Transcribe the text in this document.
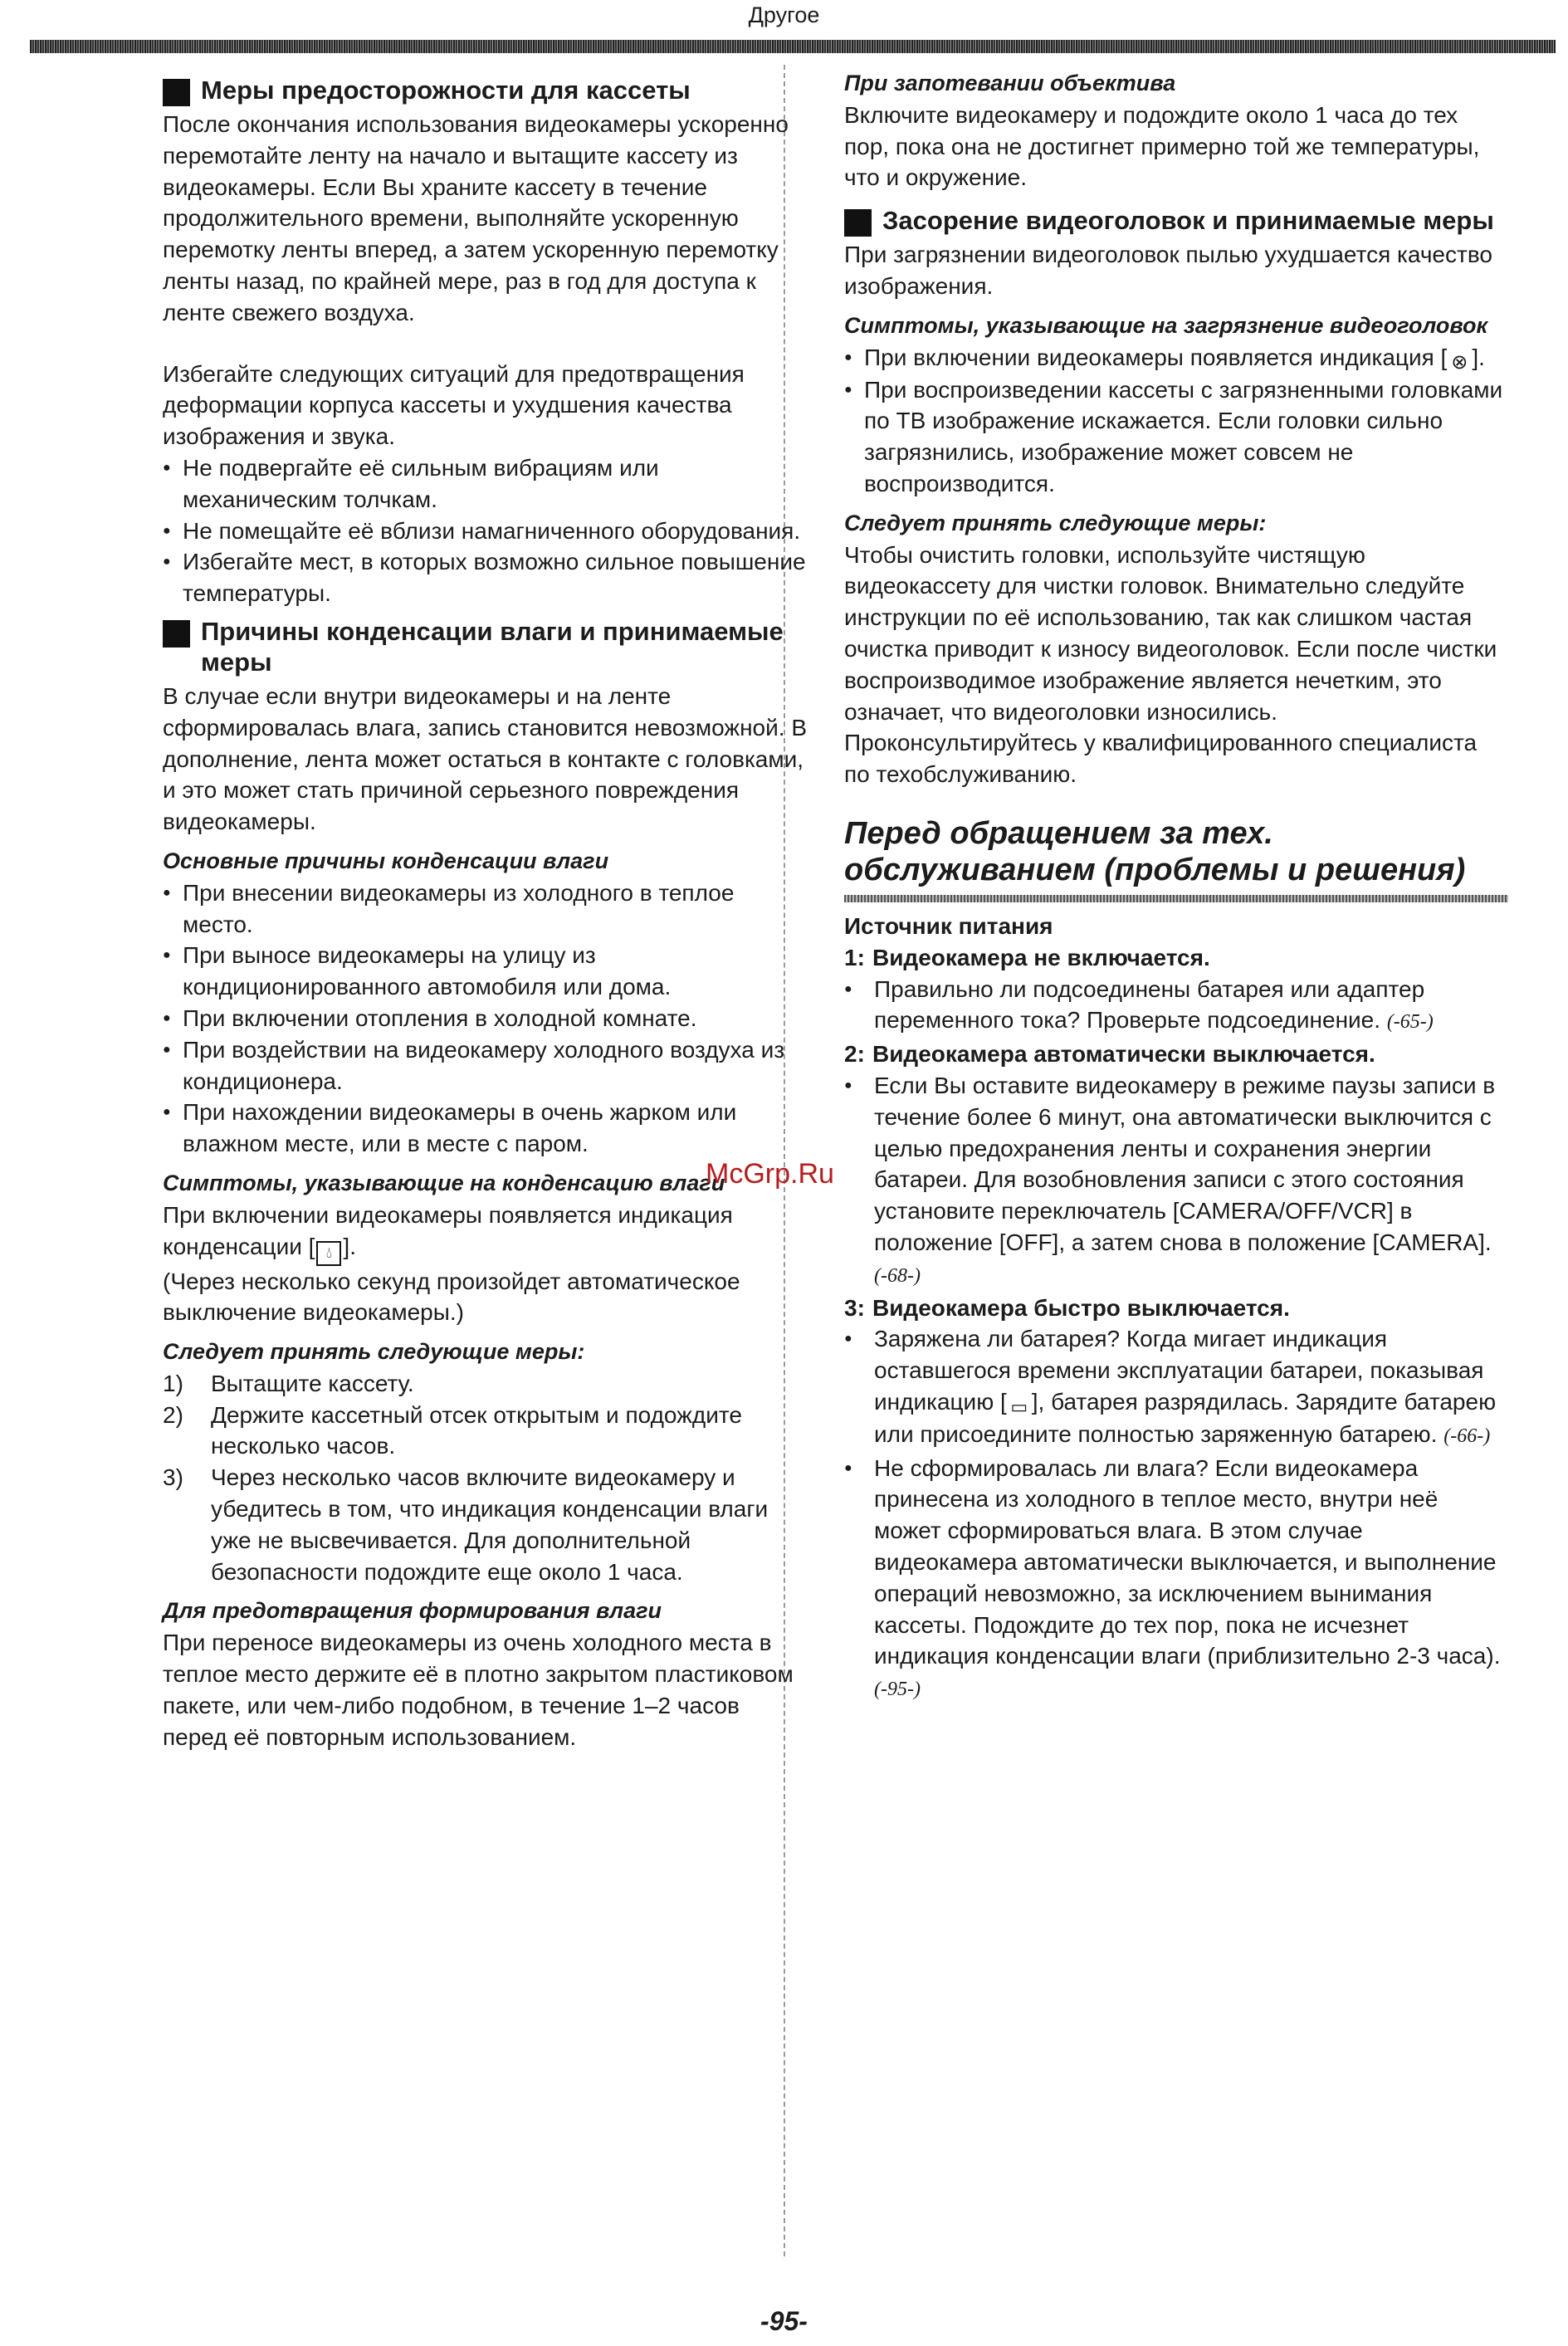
Другое
Меры предосторожности для кассеты

После окончания использования видеокамеры ускоренно перемотайте ленту на начало и вытащите кассету из видеокамеры. Если Вы храните кассету в течение продолжительного времени, выполняйте ускоренную перемотку ленты вперед, а затем ускоренную перемотку ленты назад, по крайней мере, раз в год для доступа к ленте свежего воздуха.

Избегайте следующих ситуаций для предотвращения деформации корпуса кассеты и ухудшения качества изображения и звука.

● Не подвергайте её сильным вибрациям или механическим толчкам.
● Не помещайте её вблизи намагниченного оборудования.
● Избегайте мест, в которых возможно сильное повышение температуры.
Причины конденсации влаги и принимаемые меры

В случае если внутри видеокамеры и на ленте сформировалась влага, запись становится невозможной. В дополнение, лента может остаться в контакте с головками, и это может стать причиной серьезного повреждения видеокамеры.

Основные причины конденсации влаги
● При внесении видеокамеры из холодного в теплое место.
● При выносе видеокамеры на улицу из кондиционированного автомобиля или дома.
● При включении отопления в холодной комнате.
● При воздействии на видеокамеру холодного воздуха из кондиционера.
● При нахождении видеокамеры в очень жарком или влажном месте, или в месте с паром.
Симптомы, указывающие на конденсацию влаги

При включении видеокамеры появляется индикация конденсации [ 💧︎ ].

(Через несколько секунд произойдет автоматическое выключение видеокамеры.)

Следует принять следующие меры:
1) Вытащите кассету.
2) Держите кассетный отсек открытым и подождите несколько часов.
3) Через несколько часов включите видеокамеру и убедитесь в том, что индикация конденсации влаги уже не высвечивается. Для дополнительной безопасности подождите еще около 1 часа.
Для предотвращения формирования влаги

При переносе видеокамеры из очень холодного места в теплое место держите её в плотно закрытом пластиковом пакете, или чем-либо подобном, в течение 1–2 часов перед её повторным использованием.

При запотевании объектива

Включите видеокамеру и подождите около 1 часа до тех пор, пока она не достигнет примерно той же температуры, что и окружение.

Засорение видеоголовок и принимаемые меры

При загрязнении видеоголовок пылью ухудшается качество изображения.

Симптомы, указывающие на загрязнение видеоголовок
● При включении видеокамеры появляется индикация [ ⊗ ].
● При воспроизведении кассеты с загрязненными головками по ТВ изображение искажается. Если головки сильно загрязнились, изображение может совсем не воспроизводится.
Следует принять следующие меры:

Чтобы очистить головки, используйте чистящую видеокассету для чистки головок. Внимательно следуйте инструкции по её использованию, так как слишком частая очистка приводит к износу видеоголовок. Если после чистки воспроизводимое изображение является нечетким, это означает, что видеоголовки износились. Проконсультируйтесь у квалифицированного специалиста по техобслуживанию.

Перед обращением за тех. обслуживанием (проблемы и решения)
Источник питания
1: Видеокамера не включается.
● Правильно ли подсоединены батарея или адаптер переменного тока? Проверьте подсоединение. (-65-)
2: Видеокамера автоматически выключается.
● Если Вы оставите видеокамеру в режиме паузы записи в течение более 6 минут, она автоматически выключится с целью предохранения ленты и сохранения энергии батареи. Для возобновления записи с этого состояния установите переключатель [CAMERA/OFF/VCR] в положение [OFF], а затем снова в положение [CAMERA]. (-68-)
3: Видеокамера быстро выключается.
● Заряжена ли батарея? Когда мигает индикация оставшегося времени эксплуатации батареи, показывая индикацию [ ▭ ], батарея разрядилась. Зарядите батарею или присоедините полностью заряженную батарею. (-66-)
● Не сформировалась ли влага? Если видеокамера принесена из холодного в теплое место, внутри неё может сформироваться влага. В этом случае видеокамера автоматически выключается, и выполнение операций невозможно, за исключением вынимания кассеты. Подождите до тех пор, пока не исчезнет индикация конденсации влаги (приблизительно 2-3 часа). (-95-)
McGrp.Ru
-95-
